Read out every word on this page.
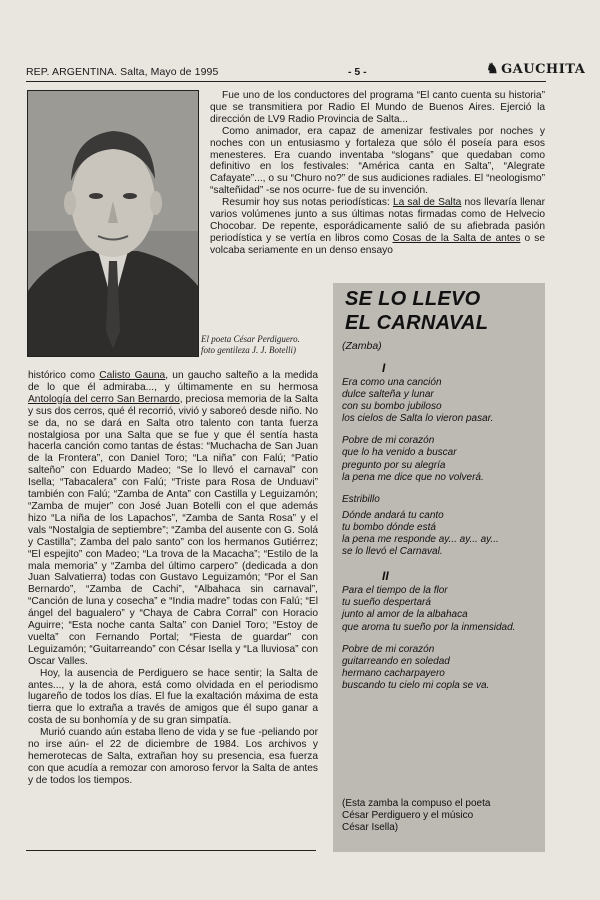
REP. ARGENTINA. Salta, Mayo de 1995	- 5 -	♞ GAUCHITA
El poeta César Perdiguero.
foto gentileza J. J. Botelli)

Fue uno de los conductores del programa “El canto cuenta su historia” que se transmitiera por Radio El Mundo de Buenos Aires. Ejerció la dirección de LV9 Radio Provincia de Salta...

Como animador, era capaz de amenizar festivales por noches y noches con un entusiasmo y fortaleza que sólo él poseía para esos menesteres. Era cuando inventaba “slogans” que quedaban como definitivo en los festivales: “América canta en Salta”, “Alegrate Cafayate”..., o su “Churo no?” de sus audiciones radiales. El “neologismo” “salteñidad” -se nos ocurre- fue de su invención.

Resumir hoy sus notas periodísticas: La sal de Salta nos llevaría llenar varios volúmenes junto a sus últimas notas firmadas como de Helvecio Chocobar. De repente, esporádicamente salió de su afiebrada pasión periodística y se vertía en libros como Cosas de la Salta de antes o se volcaba seriamente en un denso ensayo

histórico como Calisto Gauna, un gaucho salteño a la medida de lo que él admiraba..., y últimamente en su hermosa Antología del cerro San Bernardo, preciosa memoria de la Salta y sus dos cerros, qué él recorrió, vivió y saboreó desde niño. No se da, no se dará en Salta otro talento con tanta fuerza nostalgiosa por una Salta que se fue y que él sentía hasta hacerla canción como tantas de éstas: “Muchacha de San Juan de la Frontera”, con Daniel Toro; “La niña” con Falú; “Patio salteño” con Eduardo Madeo; “Se lo llevó el carnaval” con Isella; “Tabacalera” con Falú; “Triste para Rosa de Unduavi” también con Falú; “Zamba de Anta” con Castilla y Leguizamón; “Zamba de mujer” con José Juan Botelli con el que además hizo “La niña de los Lapachos”, “Zamba de Santa Rosa” y el vals “Nostalgia de septiembre”; “Zamba del ausente con G. Solá y Castilla”; Zamba del palo santo” con los hermanos Gutiérrez; “El espejito” con Madeo; “La trova de la Macacha”; “Estilo de la mala memoria” y “Zamba del último carpero” (dedicada a don Juan Salvatierra) todas con Gustavo Leguizamón; “Por el San Bernardo”, “Zamba de Cachi”, “Albahaca sin carnaval”, “Canción de luna y cosecha” e “India madre” todas con Falú; “El ángel del bagualero” y “Chaya de Cabra Corral” con Horacio Aguirre; “Esta noche canta Salta” con Daniel Toro; “Estoy de vuelta” con Fernando Portal; “Fiesta de guardar” con Leguizamón; “Guitarreando” con César Isella y “La lluviosa” con Oscar Valles.

Hoy, la ausencia de Perdiguero se hace sentir; la Salta de antes..., y la de ahora, está como olvidada en el periodismo lugareño de todos los días. El fue la exaltación máxima de esta tierra que lo extraña a través de amigos que él supo ganar a costa de su bonhomía y de su gran simpatía.

Murió cuando aún estaba lleno de vida y se fue -peliando por no irse aún- el 22 de diciembre de 1984. Los archivos y hemerotecas de Salta, extrañan hoy su presencia, esa fuerza con que acudía a remozar con amoroso fervor la Salta de antes y de todos los tiempos.

SE LO LLEVO
EL CARNAVAL
(Zamba)
I
Era como una canción
dulce salteña y lunar
con su bombo jubiloso
los cielos de Salta lo vieron pasar.
Pobre de mi corazón
que lo ha venido a buscar
pregunto por su alegría
la pena me dice que no volverá.
Estribillo
Dónde andará tu canto
tu bombo dónde está
la pena me responde ay... ay... ay...
se lo llevó el Carnaval.
II
Para el tiempo de la flor
tu sueño despertará
junto al amor de la albahaca
que aroma tu sueño por la inmensidad.
Pobre de mi corazón
guitarreando en soledad
hermano cacharpayero
buscando tu cielo mi copla se va.
(Esta zamba la compuso el poeta
César Perdiguero y el músico
César Isella)
